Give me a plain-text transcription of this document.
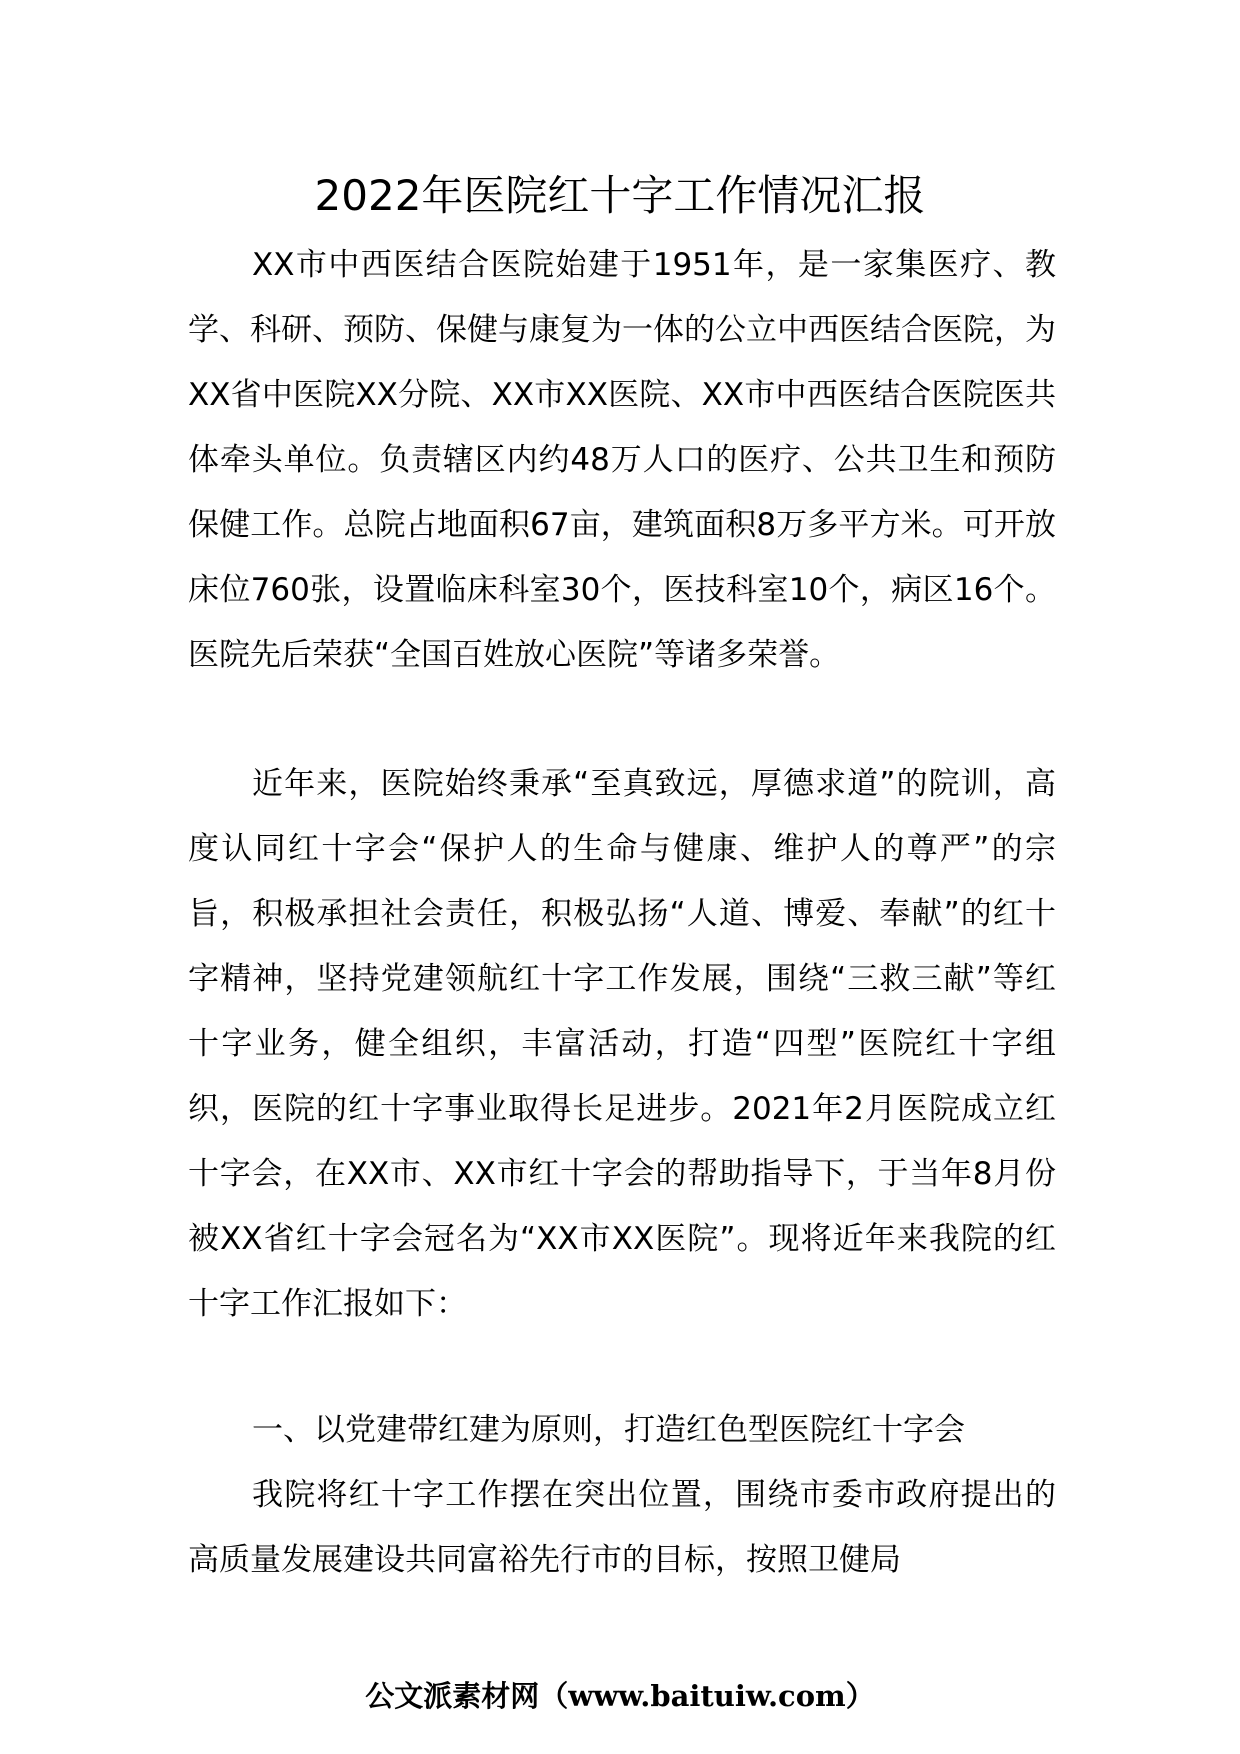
2022年医院红十字工作情况汇报

XX市中西医结合医院始建于1951年，是一家集医疗、教学、科研、预防、保健与康复为一体的公立中西医结合医院，为XX省中医院XX分院、XX市XX医院、XX市中西医结合医院医共体牵头单位。负责辖区内约48万人口的医疗、公共卫生和预防保健工作。总院占地面积67亩，建筑面积8万多平方米。可开放床位760张，设置临床科室30个，医技科室10个，病区16个。医院先后荣获“全国百姓放心医院”等诸多荣誉。

近年来，医院始终秉承“至真致远，厚德求道”的院训，高度认同红十字会“保护人的生命与健康、维护人的尊严”的宗旨，积极承担社会责任，积极弘扬“人道、博爱、奉献”的红十字精神，坚持党建领航红十字工作发展，围绕“三救三献”等红十字业务，健全组织，丰富活动，打造“四型”医院红十字组织，医院的红十字事业取得长足进步。2021年2月医院成立红十字会，在XX市、XX市红十字会的帮助指导下，于当年8月份被XX省红十字会冠名为“XX市XX医院”。现将近年来我院的红十字工作汇报如下：

一、以党建带红建为原则，打造红色型医院红十字会

我院将红十字工作摆在突出位置，围绕市委市政府提出的高质量发展建设共同富裕先行市的目标，按照卫健局

公文派素材网（www.baituiw.com）
